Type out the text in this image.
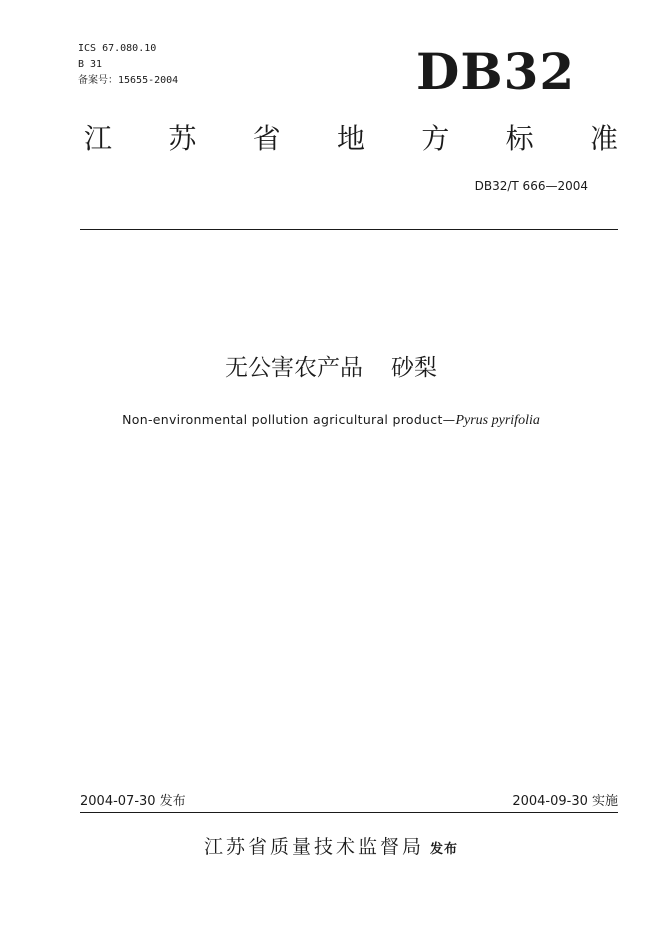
ICS 67.080.10
B 31
备案号：15655-2004	DB32
江 苏 省 地 方 标 准
DB32/T 666—2004
无公害农产品 砂梨
Non-environmental pollution agricultural product—Pyrus pyrifolia
2004-07-30 发布	2004-09-30 实施
江苏省质量技术监督局 发布
